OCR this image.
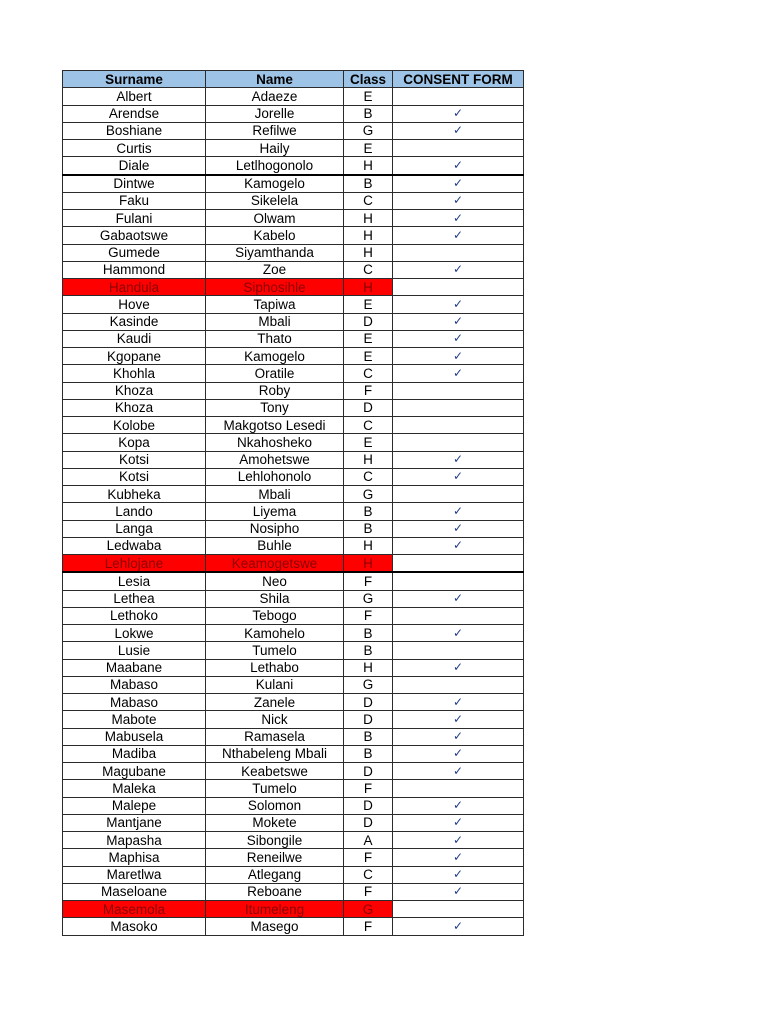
Surname	Name	Class	CONSENT FORM
Albert	Adaeze	E	
Arendse	Jorelle	B	✓
Boshiane	Refilwe	G	✓
Curtis	Haily	E	
Diale	Letlhogonolo	H	✓
Dintwe	Kamogelo	B	✓
Faku	Sikelela	C	✓
Fulani	Olwam	H	✓
Gabaotswe	Kabelo	H	✓
Gumede	Siyamthanda	H	
Hammond	Zoe	C	✓
Handula	Siphosihle	H	
Hove	Tapiwa	E	✓
Kasinde	Mbali	D	✓
Kaudi	Thato	E	✓
Kgopane	Kamogelo	E	✓
Khohla	Oratile	C	✓
Khoza	Roby	F	
Khoza	Tony	D	
Kolobe	Makgotso Lesedi	C	
Kopa	Nkahosheko	E	
Kotsi	Amohetswe	H	✓
Kotsi	Lehlohonolo	C	✓
Kubheka	Mbali	G	
Lando	Liyema	B	✓
Langa	Nosipho	B	✓
Ledwaba	Buhle	H	✓
Lehlojane	Keamogetswe	H	
Lesia	Neo	F	
Lethea	Shila	G	✓
Lethoko	Tebogo	F	
Lokwe	Kamohelo	B	✓
Lusie	Tumelo	B	
Maabane	Lethabo	H	✓
Mabaso	Kulani	G	
Mabaso	Zanele	D	✓
Mabote	Nick	D	✓
Mabusela	Ramasela	B	✓
Madiba	Nthabeleng Mbali	B	✓
Magubane	Keabetswe	D	✓
Maleka	Tumelo	F	
Malepe	Solomon	D	✓
Mantjane	Mokete	D	✓
Mapasha	Sibongile	A	✓
Maphisa	Reneilwe	F	✓
Maretlwa	Atlegang	C	✓
Maseloane	Reboane	F	✓
Masemola	Itumeleng	G	
Masoko	Masego	F	✓
